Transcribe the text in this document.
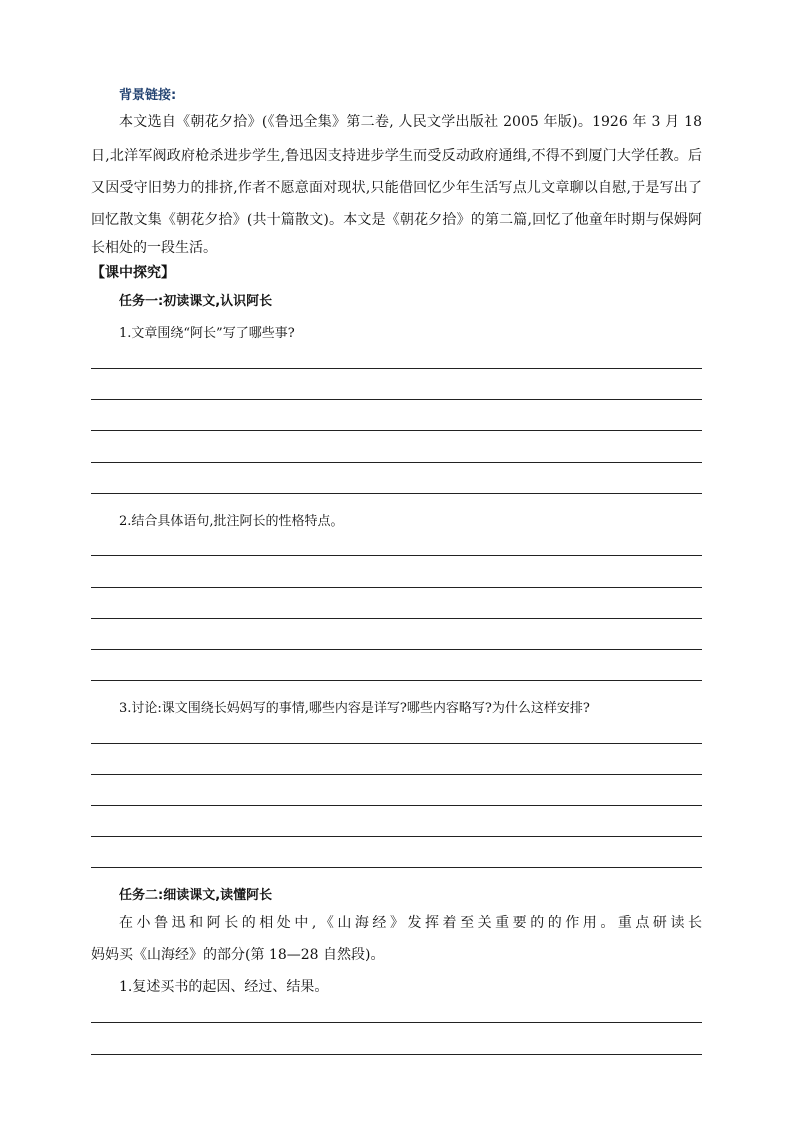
背景链接:
本文选自《朝花夕拾》(《鲁迅全集》第二卷, 人民文学出版社 2005 年版)。1926 年 3 月 18
日,北洋军阀政府枪杀进步学生,鲁迅因支持进步学生而受反动政府通缉,不得不到厦门大学任教。后
又因受守旧势力的排挤,作者不愿意面对现状,只能借回忆少年生活写点儿文章聊以自慰,于是写出了
回忆散文集《朝花夕拾》(共十篇散文)。本文是《朝花夕拾》的第二篇,回忆了他童年时期与保姆阿
长相处的一段生活。
【课中探究】
任务一:初读课文,认识阿长
1.文章围绕“阿长”写了哪些事?
2.结合具体语句,批注阿长的性格特点。
3.讨论:课文围绕长妈妈写的事情,哪些内容是详写?哪些内容略写?为什么这样安排?
任务二:细读课文,读懂阿长
在小鲁迅和阿长的相处中,《山海经》发挥着至关重要的的作用。重点研读长
妈妈买《山海经》的部分(第 18—28 自然段)。
1.复述买书的起因、经过、结果。
